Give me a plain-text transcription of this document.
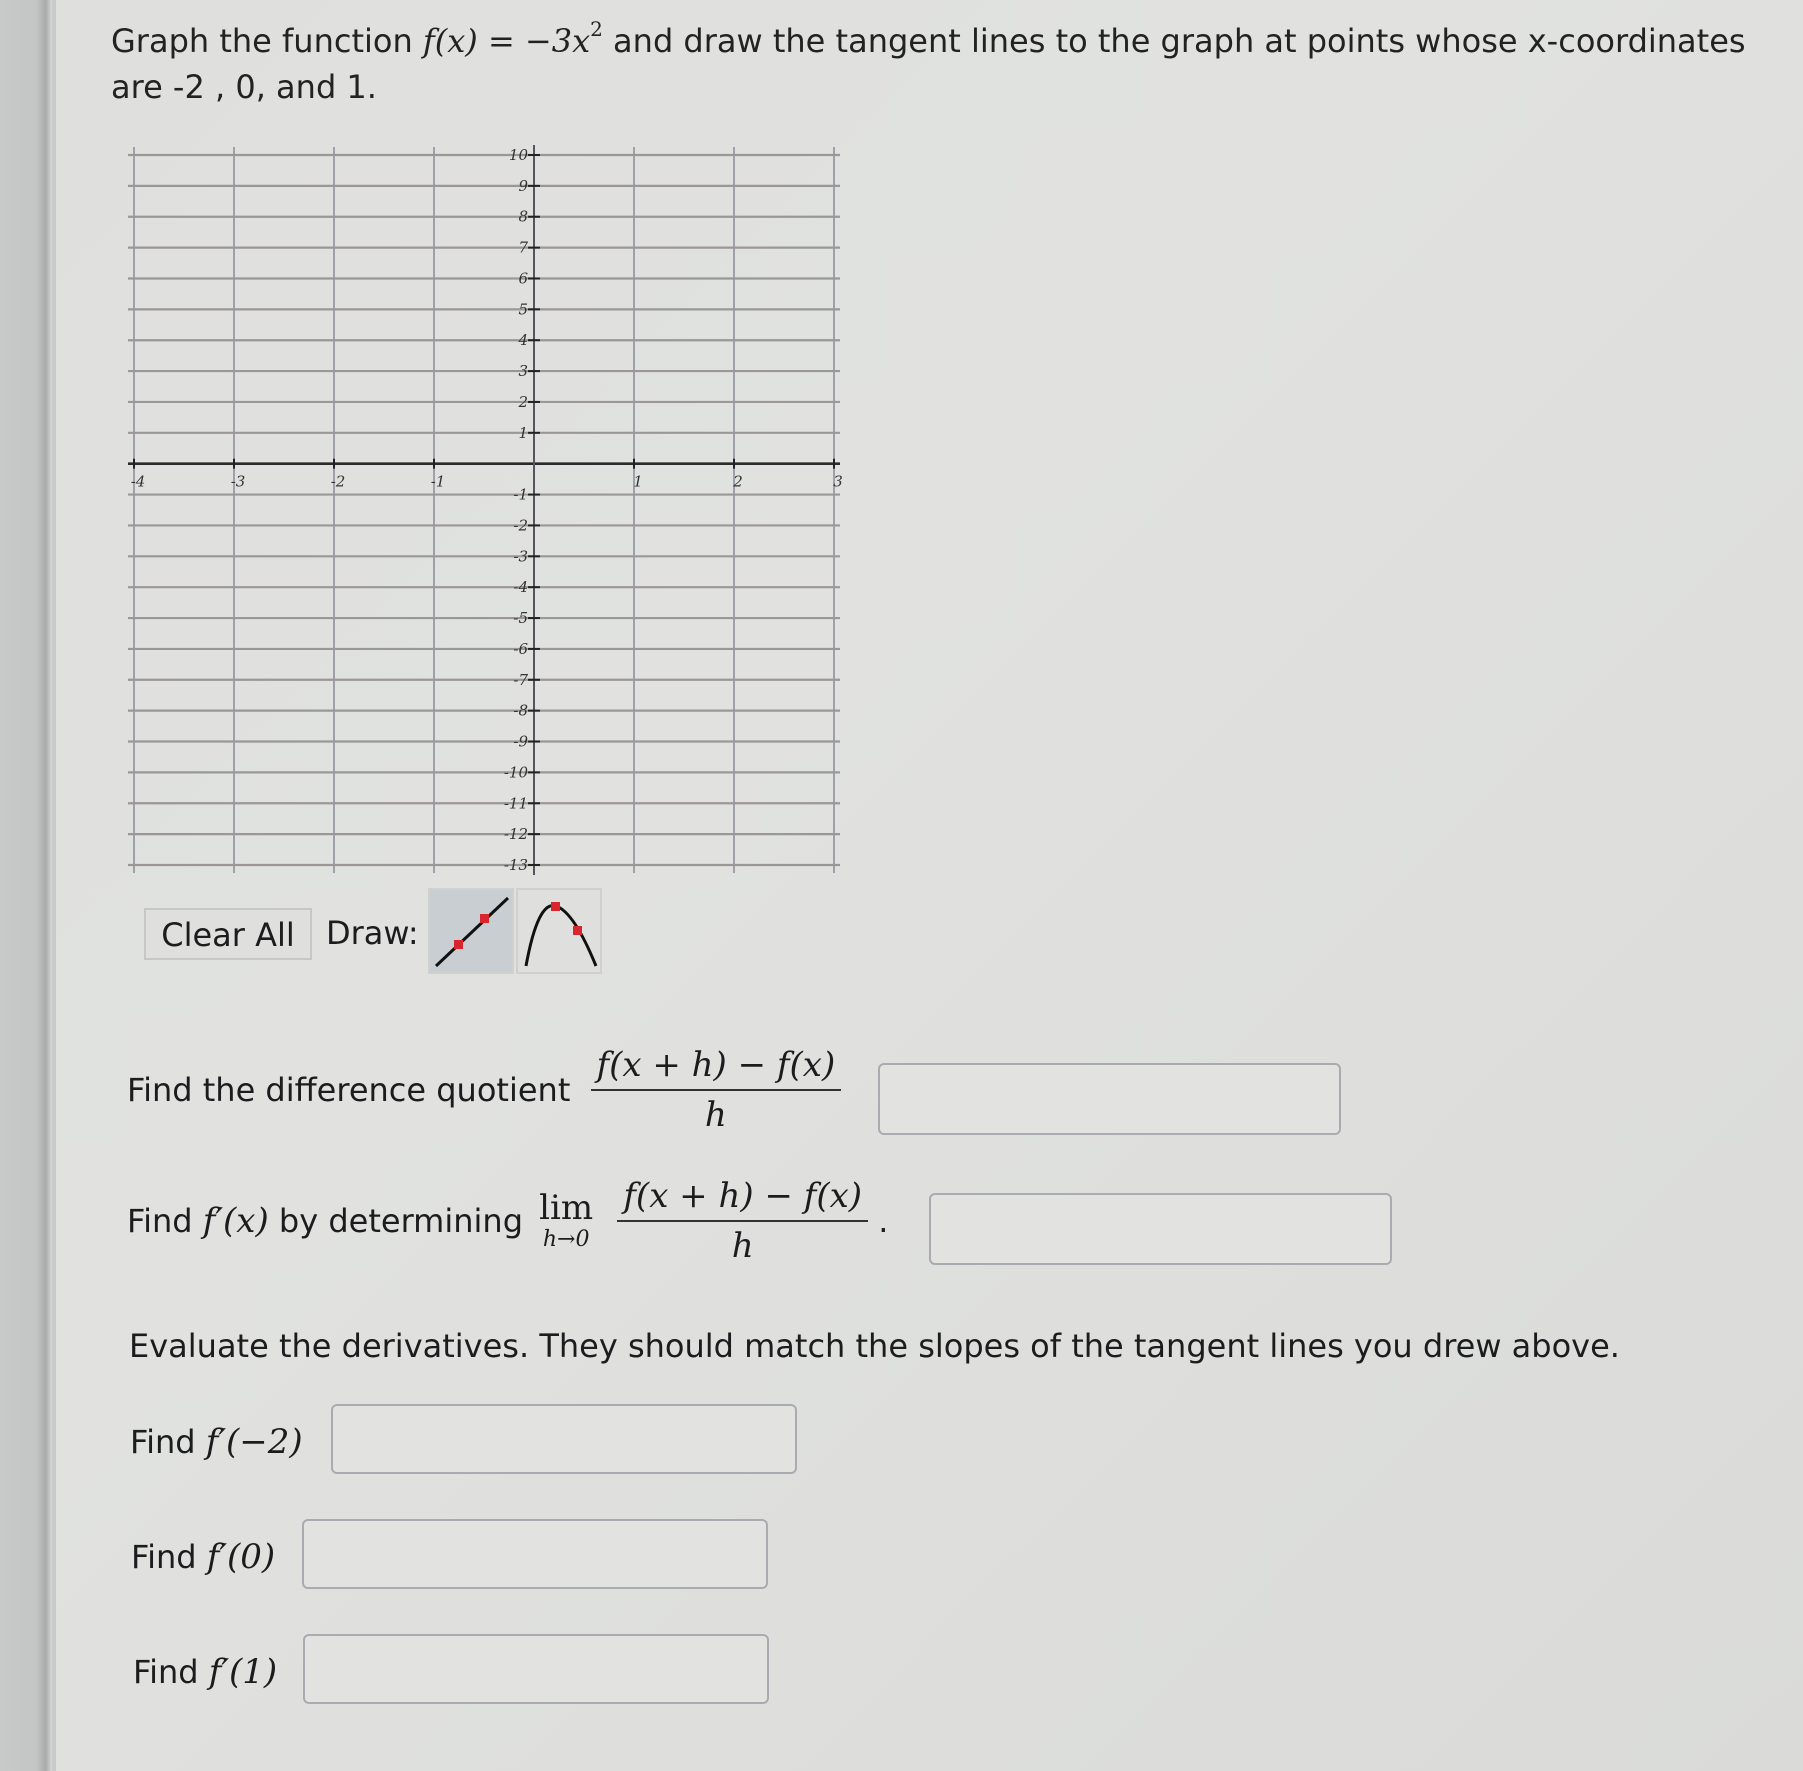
Graph the function $f(x) = -3x^2$ and draw the tangent lines to the graph at points whose x-coordinates
are -2 , 0, and 1.
-4	-3	-2	-1	1	2	3
10
9
8
7
6
5
4
3
2
1
-1
-2
-3
-4
-5
-6
-7
-8
-9
-10
-11
-12
-13
Clear All Draw:
Find the difference quotient $\frac{f(x + h) - f(x)}{h}$
Find f′(x) by determining lim
h→0
$\frac{f(x + h) - f(x)}{h}$ .
Evaluate the derivatives. They should match the slopes of the tangent lines you drew above.
Find f′(−2)
Find f′(0)
Find f′(1)
